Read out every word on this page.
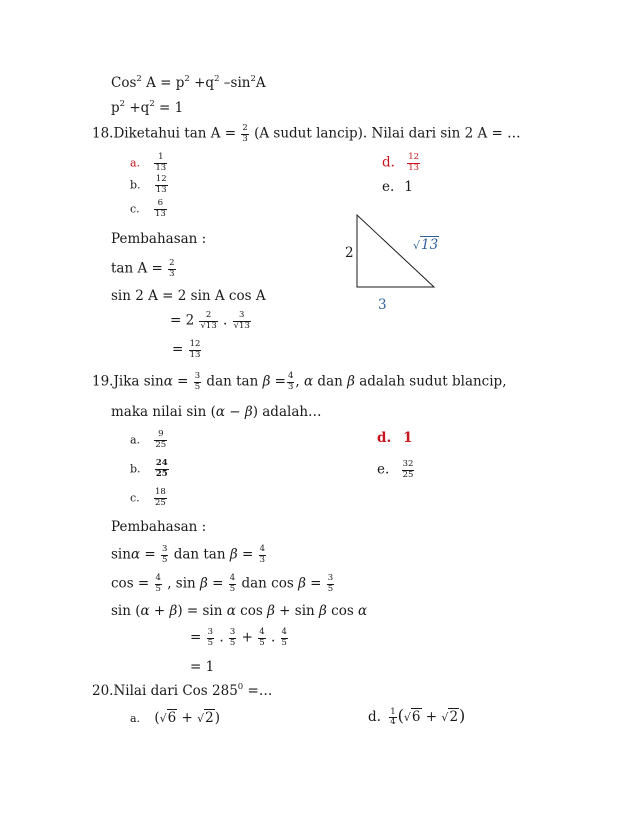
Cos$^2$ $A = p^2 +q^2$ $-\sin^2A$
$p^2 +q^2 = 1$
18.Diketahui $\tan A = \frac{2}{3} (A$ sudut lancip). Nilai dari sin 2 A = …
a. $\frac{1}{13}$
b. $\frac{12}{13}$
c. $\frac{6}{13}$
d. $\frac{12}{13}$
e. 1
2
3
√13
Pembahasan :
$\tan A = \frac{2}{3}$
sin 2 A = 2 sin A cos A
= $2 \frac{2}{√13}$ . $\frac{3}{√13}$
= $\frac{12}{13}$
19.Jika $\sin\alpha = \frac{3}{5}$ dan $\tan \beta = \frac{4}{3}$ , α dan β adalah sudut blancip,
maka nilai sin (α − β) adalah…
a. $\frac{9}{25}$
b. $\frac{24}{25}$
c. $\frac{18}{25}$
d. 1
e. $\frac{32}{25}$
Pembahasan :
$\sin\alpha = \frac{3}{5}$ dan $\tan \beta = \frac{4}{3}$
$\cos = \frac{4}{5}$ , $\sin \beta = \frac{4}{5}$ dan $\cos \beta = \frac{3}{5}$
sin (α + β) = sin α cos β + sin β cos α
= $\frac{3}{5}$ . $\frac{3}{5} + \frac{4}{5}$ . $\frac{4}{5}$
= 1
20.Nilai dari Cos $285^0$ =…
a. (√6 + √2)	d. $\frac{1}{4} (√6 + √2)$
